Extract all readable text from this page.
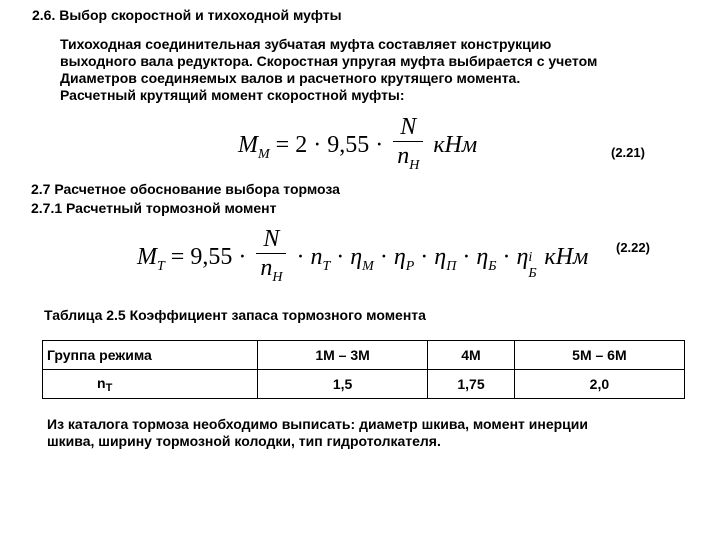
2.6. Выбор скоростной и тихоходной муфты
Тихоходная соединительная зубчатая муфта составляет конструкцию
выходного вала редуктора. Скоростная упругая муфта выбирается с учетом
Диаметров соединяемых валов и расчетного крутящего момента.
Расчетный крутящий момент скоростной муфты:
$M_M = 2 \cdot 9,55 \cdot \frac{N}{n_H}$ кНм	(2.21)
2.7 Расчетное обоснование выбора тормоза
2.7.1 Расчетный тормозной момент
$M_T = 9,55 \cdot \frac{N}{n_H} \cdot n_T \cdot \eta_M \cdot \eta_P \cdot \eta_П \cdot \eta_Б \cdot \eta$ i
Б
кНм (2.22)
Таблица 2.5 Коэффициент запаса тормозного момента
Группа режима	1М – 3М	4М	5М – 6М
$n_T$	1,5	1,75	2,0
Из каталога тормоза необходимо выписать: диаметр шкива, момент инерции
шкива, ширину тормозной колодки, тип гидротолкателя.
